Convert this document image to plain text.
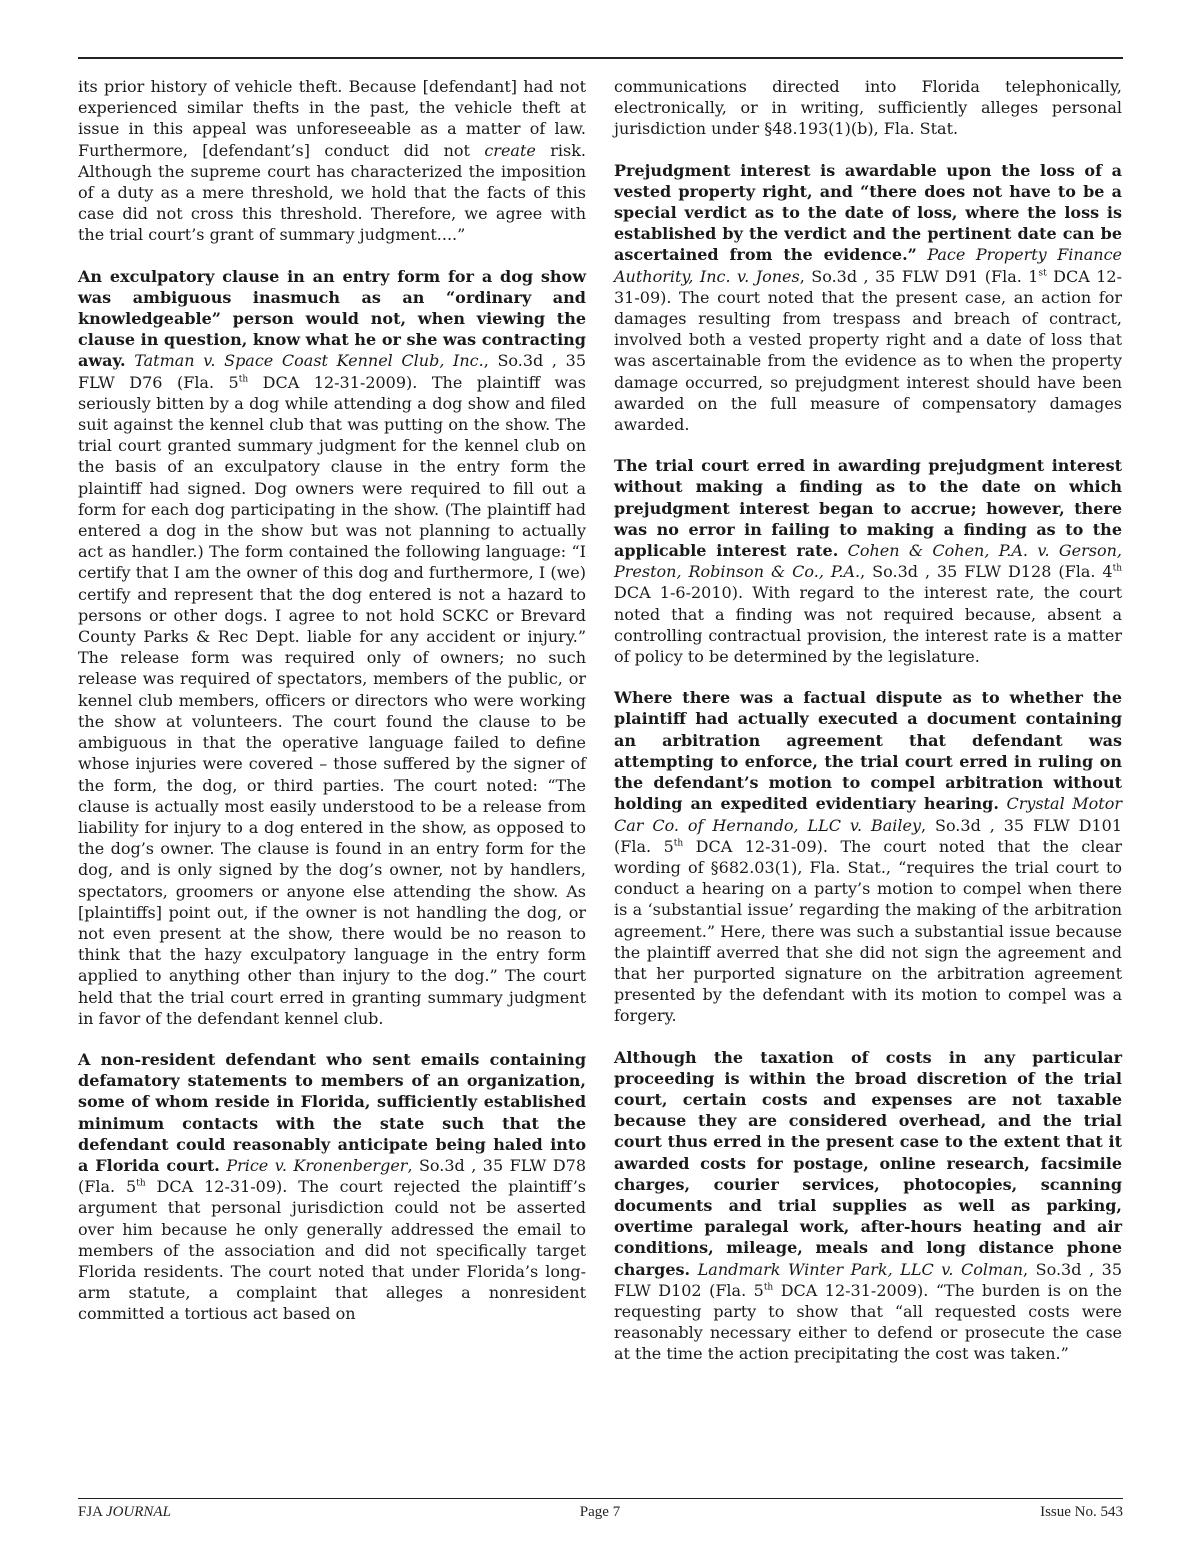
its prior history of vehicle theft. Because [defendant] had not experienced similar thefts in the past, the vehicle theft at issue in this appeal was unforeseeable as a matter of law. Furthermore, [defendant’s] conduct did not create risk. Although the supreme court has characterized the imposition of a duty as a mere threshold, we hold that the facts of this case did not cross this threshold. Therefore, we agree with the trial court’s grant of summary judgment....”

An exculpatory clause in an entry form for a dog show was ambiguous inasmuch as an “ordinary and knowledgeable” person would not, when viewing the clause in question, know what he or she was contracting away. Tatman v. Space Coast Kennel Club, Inc., So.3d , 35 FLW D76 (Fla. 5th DCA 12-31-2009). The plaintiff was seriously bitten by a dog while attending a dog show and filed suit against the kennel club that was putting on the show. The trial court granted summary judgment for the kennel club on the basis of an exculpatory clause in the entry form the plaintiff had signed. Dog owners were required to fill out a form for each dog participating in the show. (The plaintiff had entered a dog in the show but was not planning to actually act as handler.) The form contained the following language: “I certify that I am the owner of this dog and furthermore, I (we) certify and represent that the dog entered is not a hazard to persons or other dogs. I agree to not hold SCKC or Brevard County Parks & Rec Dept. liable for any accident or injury.” The release form was required only of owners; no such release was required of spectators, members of the public, or kennel club members, officers or directors who were working the show at volunteers. The court found the clause to be ambiguous in that the operative language failed to define whose injuries were covered – those suffered by the signer of the form, the dog, or third parties. The court noted: “The clause is actually most easily understood to be a release from liability for injury to a dog entered in the show, as opposed to the dog’s owner. The clause is found in an entry form for the dog, and is only signed by the dog’s owner, not by handlers, spectators, groomers or anyone else attending the show. As [plaintiffs] point out, if the owner is not handling the dog, or not even present at the show, there would be no reason to think that the hazy exculpatory language in the entry form applied to anything other than injury to the dog.” The court held that the trial court erred in granting summary judgment in favor of the defendant kennel club.

A non-resident defendant who sent emails containing defamatory statements to members of an organization, some of whom reside in Florida, sufficiently established minimum contacts with the state such that the defendant could reasonably anticipate being haled into a Florida court. Price v. Kronenberger, So.3d , 35 FLW D78 (Fla. 5th DCA 12-31-09). The court rejected the plaintiff’s argument that personal jurisdiction could not be asserted over him because he only generally addressed the email to members of the association and did not specifically target Florida residents. The court noted that under Florida’s long-arm statute, a complaint that alleges a nonresident committed a tortious act based on

communications directed into Florida telephonically, electronically, or in writing, sufficiently alleges personal jurisdiction under §48.193(1)(b), Fla. Stat.

Prejudgment interest is awardable upon the loss of a vested property right, and “there does not have to be a special verdict as to the date of loss, where the loss is established by the verdict and the pertinent date can be ascertained from the evidence.” Pace Property Finance Authority, Inc. v. Jones, So.3d , 35 FLW D91 (Fla. 1st DCA 12-31-09). The court noted that the present case, an action for damages resulting from trespass and breach of contract, involved both a vested property right and a date of loss that was ascertainable from the evidence as to when the property damage occurred, so prejudgment interest should have been awarded on the full measure of compensatory damages awarded.

The trial court erred in awarding prejudgment interest without making a finding as to the date on which prejudgment interest began to accrue; however, there was no error in failing to making a finding as to the applicable interest rate. Cohen & Cohen, P.A. v. Gerson, Preston, Robinson & Co., P.A., So.3d , 35 FLW D128 (Fla. 4th DCA 1-6-2010). With regard to the interest rate, the court noted that a finding was not required because, absent a controlling contractual provision, the interest rate is a matter of policy to be determined by the legislature.

Where there was a factual dispute as to whether the plaintiff had actually executed a document containing an arbitration agreement that defendant was attempting to enforce, the trial court erred in ruling on the defendant’s motion to compel arbitration without holding an expedited evidentiary hearing. Crystal Motor Car Co. of Hernando, LLC v. Bailey, So.3d , 35 FLW D101 (Fla. 5th DCA 12-31-09). The court noted that the clear wording of §682.03(1), Fla. Stat., “requires the trial court to conduct a hearing on a party’s motion to compel when there is a ‘substantial issue’ regarding the making of the arbitration agreement.” Here, there was such a substantial issue because the plaintiff averred that she did not sign the agreement and that her purported signature on the arbitration agreement presented by the defendant with its motion to compel was a forgery.

Although the taxation of costs in any particular proceeding is within the broad discretion of the trial court, certain costs and expenses are not taxable because they are considered overhead, and the trial court thus erred in the present case to the extent that it awarded costs for postage, online research, facsimile charges, courier services, photocopies, scanning documents and trial supplies as well as parking, overtime paralegal work, after-hours heating and air conditions, mileage, meals and long distance phone charges. Landmark Winter Park, LLC v. Colman, So.3d , 35 FLW D102 (Fla. 5th DCA 12-31-2009). “The burden is on the requesting party to show that “all requested costs were reasonably necessary either to defend or prosecute the case at the time the action precipitating the cost was taken.”

FJA JOURNAL	Page 7	Issue No. 543
